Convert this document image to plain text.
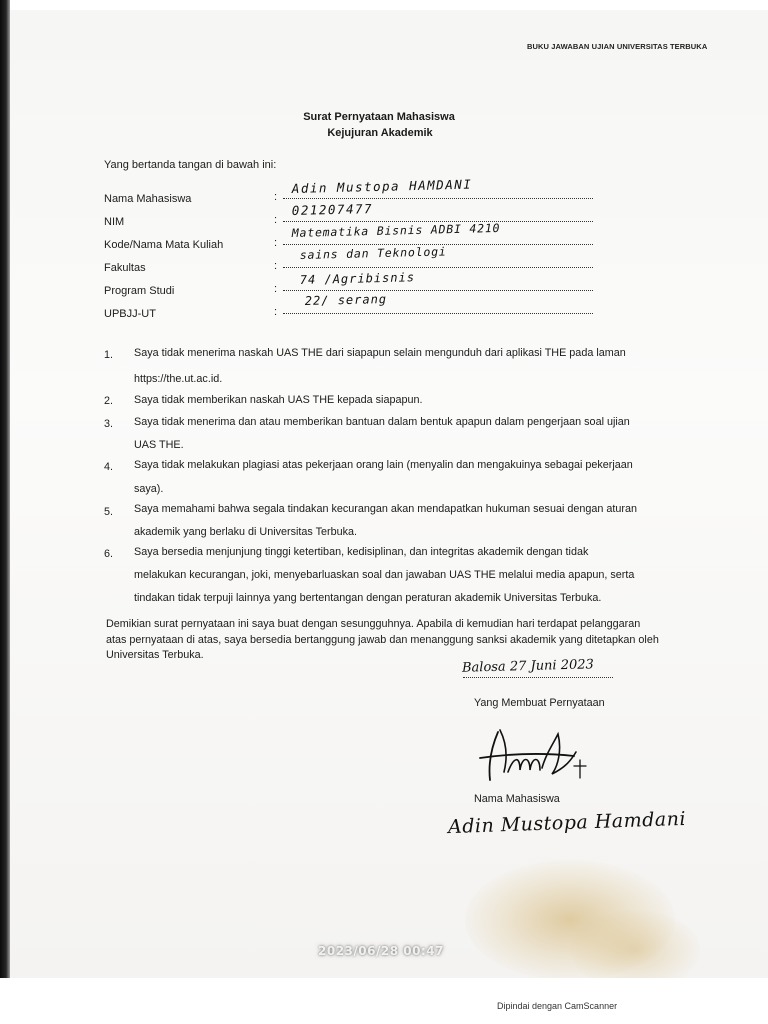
BUKU JAWABAN UJIAN UNIVERSITAS TERBUKA
Surat Pernyataan Mahasiswa
Kejujuran Akademik
Yang bertanda tangan di bawah ini:
Nama Mahasiswa	:
Adin Mustopa HAMDANI
NIM	:
021207477
Kode/Nama Mata Kuliah	:
Matematika Bisnis ADBI 4210
Fakultas	:
sains dan Teknologi
Program Studi	:
74 /Agribisnis
UPBJJ-UT	:
22/ serang
1. Saya tidak menerima naskah UAS THE dari siapapun selain mengunduh dari aplikasi THE pada laman
https://the.ut.ac.id.
2. Saya tidak memberikan naskah UAS THE kepada siapapun.
3. Saya tidak menerima dan atau memberikan bantuan dalam bentuk apapun dalam pengerjaan soal ujian
UAS THE.
4. Saya tidak melakukan plagiasi atas pekerjaan orang lain (menyalin dan mengakuinya sebagai pekerjaan
saya).
5. Saya memahami bahwa segala tindakan kecurangan akan mendapatkan hukuman sesuai dengan aturan
akademik yang berlaku di Universitas Terbuka.
6. Saya bersedia menjunjung tinggi ketertiban, kedisiplinan, dan integritas akademik dengan tidak
melakukan kecurangan, joki, menyebarluaskan soal dan jawaban UAS THE melalui media apapun, serta
tindakan tidak terpuji lainnya yang bertentangan dengan peraturan akademik Universitas Terbuka.
Demikian surat pernyataan ini saya buat dengan sesungguhnya. Apabila di kemudian hari terdapat pelanggaran
atas pernyataan di atas, saya bersedia bertanggung jawab dan menanggung sanksi akademik yang ditetapkan oleh
Universitas Terbuka.
Balosa 27 Juni 2023
Yang Membuat Pernyataan
Nama Mahasiswa
Adin Mustopa Hamdani
2023/06/28 00:47
Dipindai dengan CamScanner
